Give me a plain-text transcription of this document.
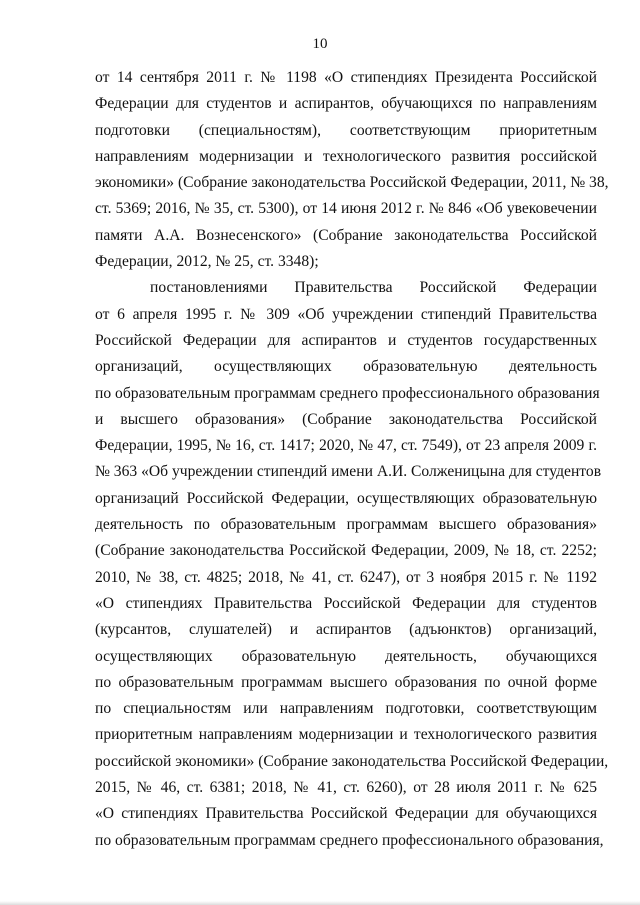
10
от 14 сентября 2011 г. № 1198 «О стипендиях Президента Российской
Федерации для студентов и аспирантов, обучающихся по направлениям
подготовки (специальностям), соответствующим приоритетным
направлениям модернизации и технологического развития российской
экономики» (Собрание законодательства Российской Федерации, 2011, № 38,
ст. 5369; 2016, № 35, ст. 5300), от 14 июня 2012 г. № 846 «Об увековечении
памяти А.А. Вознесенского» (Собрание законодательства Российской
Федерации, 2012, № 25, ст. 3348);
постановлениями Правительства Российской Федерации
от 6 апреля 1995 г. № 309 «Об учреждении стипендий Правительства
Российской Федерации для аспирантов и студентов государственных
организаций, осуществляющих образовательную деятельность
по образовательным программам среднего профессионального образования
и высшего образования» (Собрание законодательства Российской
Федерации, 1995, № 16, ст. 1417; 2020, № 47, ст. 7549), от 23 апреля 2009 г.
№ 363 «Об учреждении стипендий имени А.И. Солженицына для студентов
организаций Российской Федерации, осуществляющих образовательную
деятельность по образовательным программам высшего образования»
(Собрание законодательства Российской Федерации, 2009, № 18, ст. 2252;
2010, № 38, ст. 4825; 2018, № 41, ст. 6247), от 3 ноября 2015 г. № 1192
«О стипендиях Правительства Российской Федерации для студентов
(курсантов, слушателей) и аспирантов (адъюнктов) организаций,
осуществляющих образовательную деятельность, обучающихся
по образовательным программам высшего образования по очной форме
по специальностям или направлениям подготовки, соответствующим
приоритетным направлениям модернизации и технологического развития
российской экономики» (Собрание законодательства Российской Федерации,
2015, № 46, ст. 6381; 2018, № 41, ст. 6260), от 28 июля 2011 г. № 625
«О стипендиях Правительства Российской Федерации для обучающихся
по образовательным программам среднего профессионального образования,
